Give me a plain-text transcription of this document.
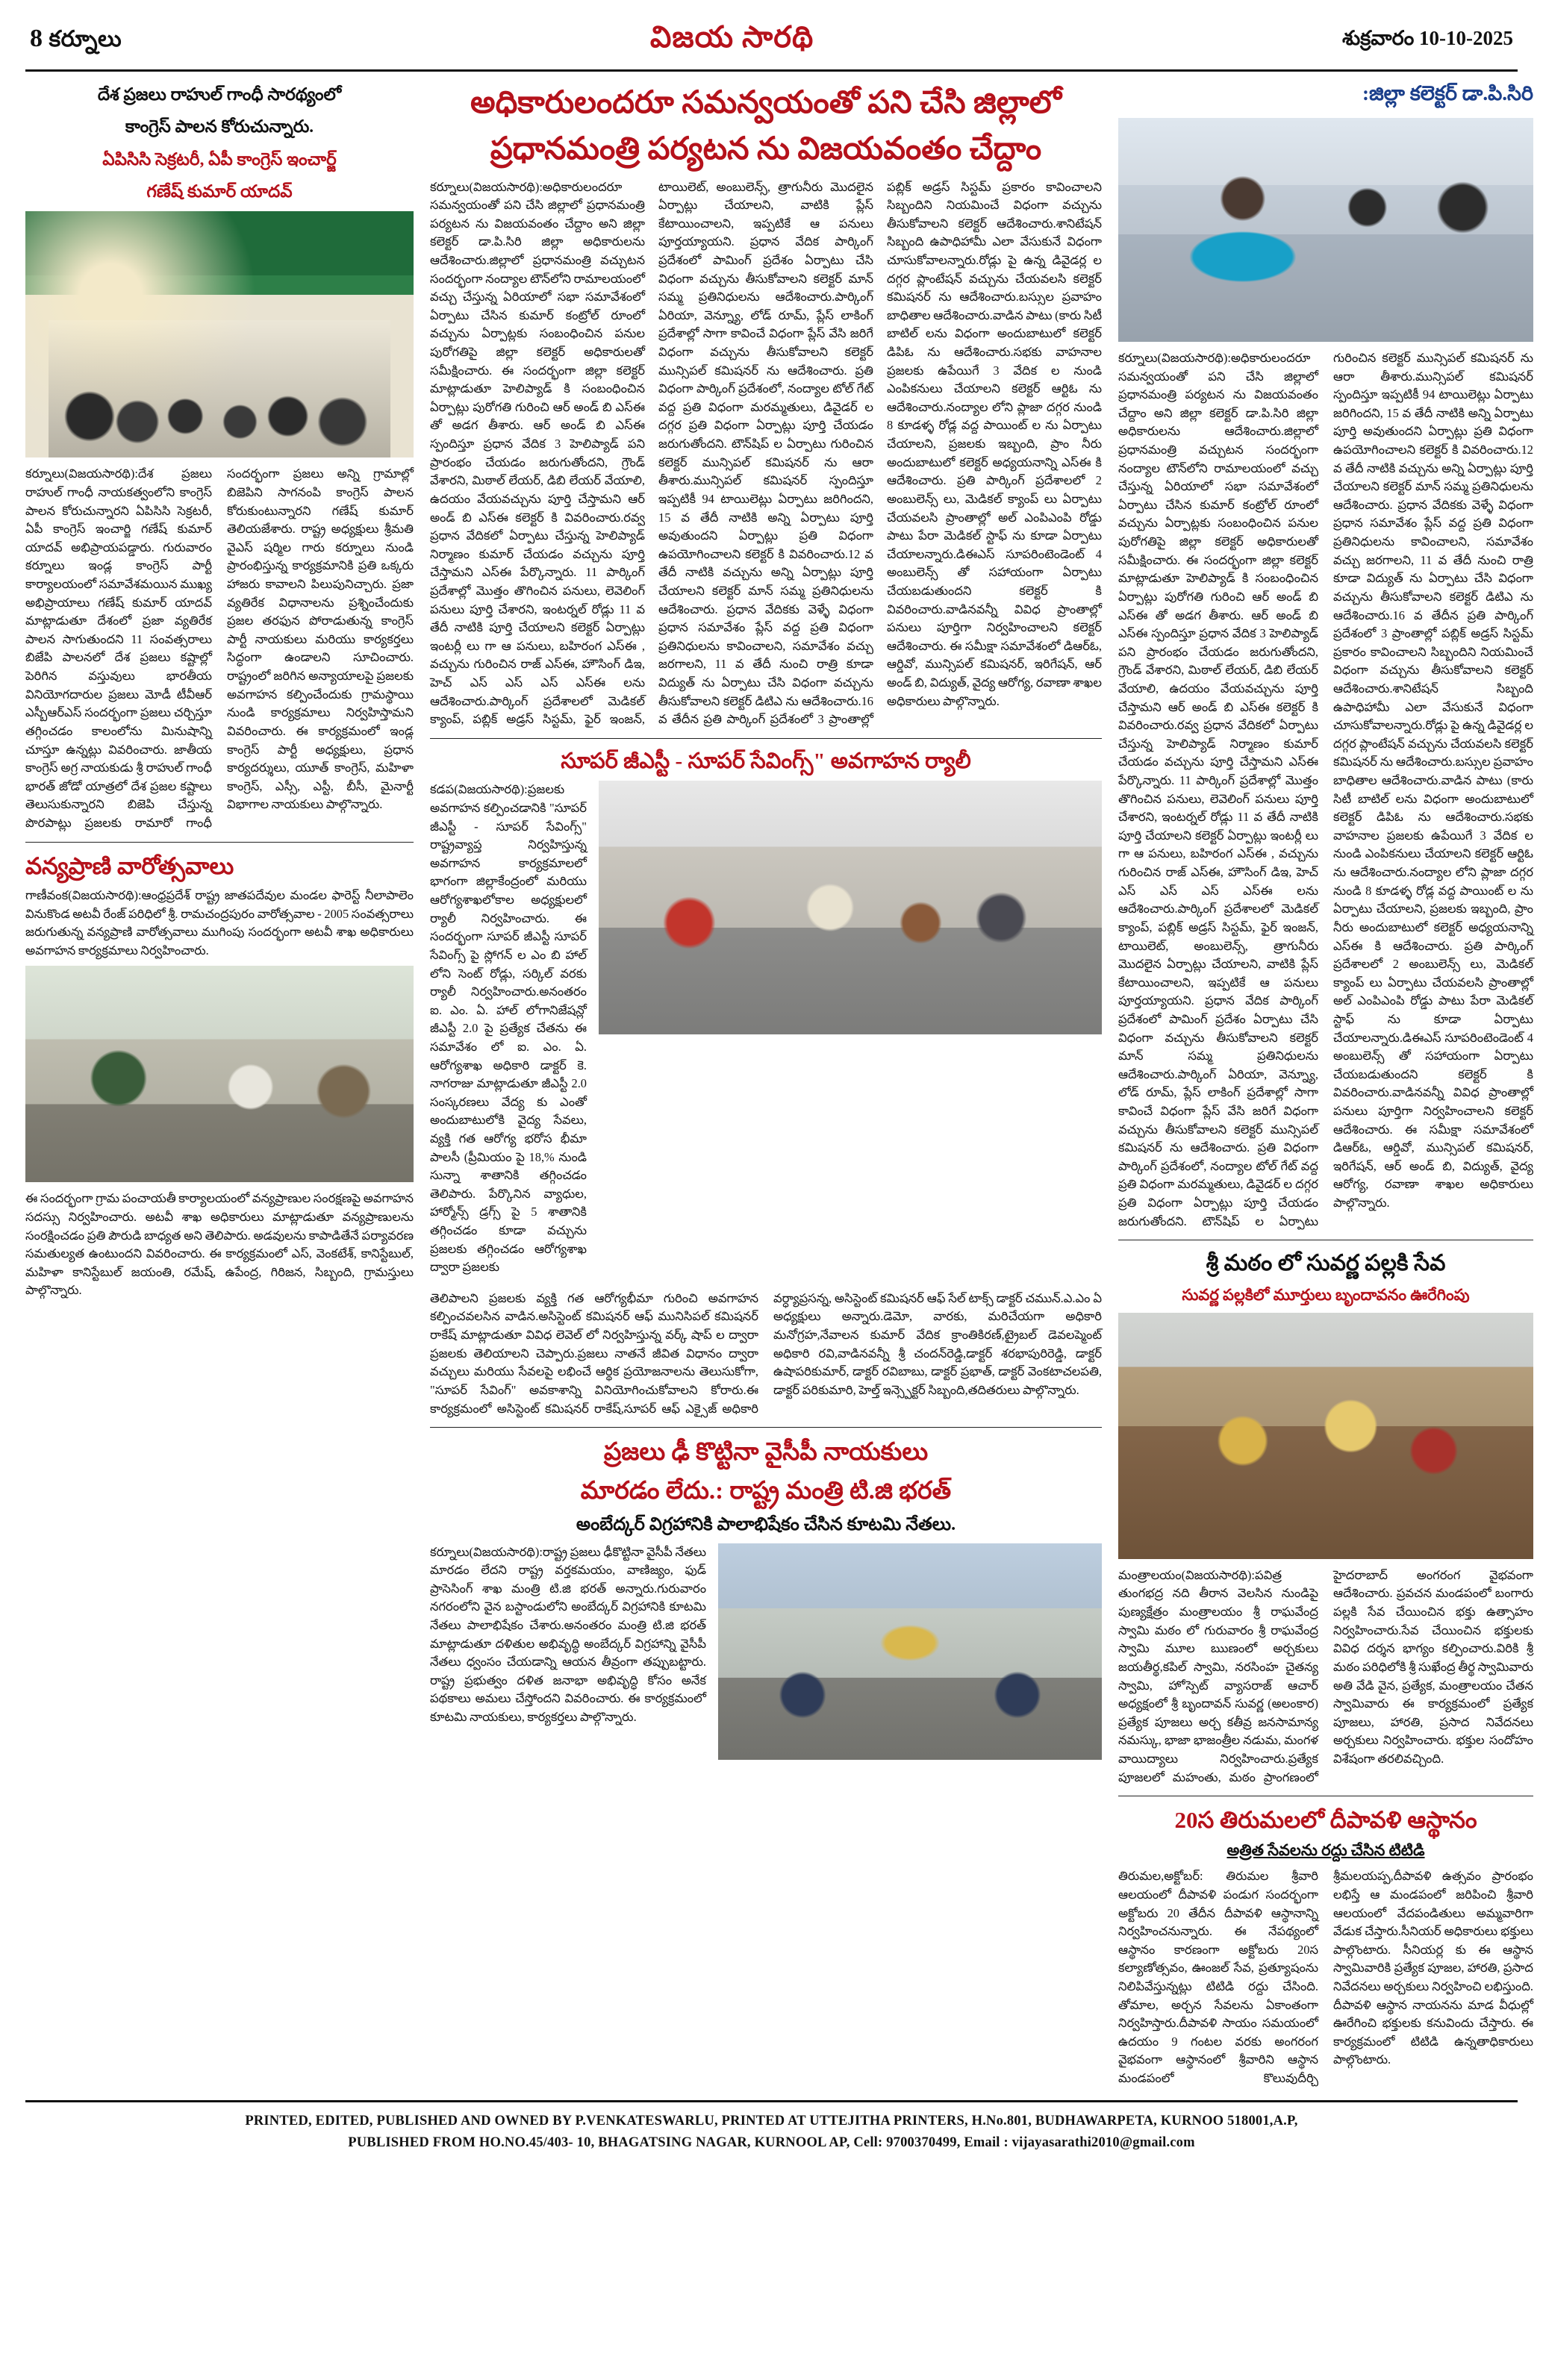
8 కర్నూలు	విజయ సారథి	శుక్రవారం 10-10-2025
దేశ ప్రజలు రాహుల్ గాంధీ సారథ్యంలో
కాంగ్రెస్ పాలన కోరుచున్నారు.
ఏపిసిసి సెక్రటరీ, ఏపీ కాంగ్రెస్ ఇంచార్జ్
గణేష్ కుమార్ యాదవ్

కర్నూలు(విజయసారథి):దేశ ప్రజలు రాహుల్ గాంధీ నాయకత్వంలోని కాంగ్రెస్ పాలన కోరుచున్నారని ఏపిసిసి సెక్రటరీ, ఏపీ కాంగ్రెస్ ఇంచార్జి గణేష్ కుమార్ యాదవ్ అభిప్రాయపడ్డారు. గురువారం కర్నూలు ఇండ్ల కాంగ్రెస్ పార్టీ కార్యాలయంలో సమావేశమయిన ముఖ్య అభిప్రాయాలు గణేష్ కుమార్ యాదవ్ మాట్లాడుతూ దేశంలో ప్రజా వ్యతిరేక పాలన సాగుతుందని 11 సంవత్సరాలు బిజేపి పాలనలో దేశ ప్రజలు కష్టాల్లో పెరిగిన వస్తువులు భారతీయ వినియోగదారుల ప్రజలు మోడీ టీవీఆర్ ఎస్బీఆర్ఎస్ సందర్భంగా ప్రజలు చర్చిస్తూ తగ్గించడం కాలంలోను మినుషాన్ని చూస్తూ ఉన్నట్లు వివరించారు. జాతీయ కాంగ్రెస్ అగ్ర నాయకుడు శ్రీ రాహుల్ గాంధీ భారత్ జోడో యాత్రలో దేశ ప్రజల కష్టాలు తెలుసుకున్నారని బిజెపి చేస్తున్న పొరపాట్లు ప్రజలకు రామారో గాంధీ సందర్భంగా ప్రజలు అన్ని గ్రామాల్లో బిజెపిని సాగనంపి కాంగ్రెస్ పాలన కోరుకుంటున్నారని గణేష్ కుమార్ తెలియజేశారు. రాష్ట్ర అధ్యక్షులు శ్రీమతి వైఎస్ షర్మిల గారు కర్నూలు నుండి ప్రారంభిస్తున్న కార్యక్రమానికి ప్రతి ఒక్కరు హాజరు కావాలని పిలుపునిచ్చారు. ప్రజా వ్యతిరేక విధానాలను ప్రశ్నించేందుకు ప్రజల తరఫున పోరాడుతున్న కాంగ్రెస్ పార్టీ నాయకులు మరియు కార్యకర్తలు సిద్ధంగా ఉండాలని సూచించారు. రాష్ట్రంలో జరిగిన అన్యాయాలపై ప్రజలకు అవగాహన కల్పించేందుకు గ్రామస్థాయి నుండి కార్యక్రమాలు నిర్వహిస్తామని వివరించారు. ఈ కార్యక్రమంలో ఇండ్ల కాంగ్రెస్ పార్టీ అధ్యక్షులు, ప్రధాన కార్యదర్శులు, యూత్ కాంగ్రెస్, మహిళా కాంగ్రెస్, ఎస్సీ, ఎస్టీ, బీసీ, మైనార్టీ విభాగాల నాయకులు పాల్గొన్నారు.

వన్యప్రాణి వారోత్సవాలు

గాణీవంక(విజయసారథి):ఆంధ్రప్రదేశ్ రాష్ట్ర జాతపదేవుల మండల ఫారెస్ట్ నీలాపాలెం వినుకొండ అటవీ రేంజ్ పరిధిలో శ్రీ. రామచంద్రపురం వారోత్సవాల - 2005 సంవత్సరాలు జరుగుతున్న వన్యప్రాణి వారోత్సవాలు ముగింపు సందర్భంగా అటవీ శాఖ అధికారులు అవగాహన కార్యక్రమాలు నిర్వహించారు.

ఈ సందర్భంగా గ్రామ పంచాయతీ కార్యాలయంలో వన్యప్రాణుల సంరక్షణపై అవగాహన సదస్సు నిర్వహించారు. అటవీ శాఖ అధికారులు మాట్లాడుతూ వన్యప్రాణులను సంరక్షించడం ప్రతి పౌరుడి బాధ్యత అని తెలిపారు. అడవులను కాపాడితేనే పర్యావరణ సమతుల్యత ఉంటుందని వివరించారు. ఈ కార్యక్రమంలో ఎస్, వెంకటేశ్, కానిస్టేబుల్, మహిళా కానిస్టేబుల్ జయంతి, రమేష్, ఉపేంద్ర, గిరిజన, సిబ్బంది, గ్రామస్తులు పాల్గొన్నారు.

అధికారులందరూ సమన్వయంతో పని చేసి జిల్లాలో
ప్రధానమంత్రి పర్యటన ను విజయవంతం చేద్దాం

కర్నూలు(విజయసారథి):అధికారులందరూ సమన్వయంతో పని చేసి జిల్లాలో ప్రధానమంత్రి పర్యటన ను విజయవంతం చేద్దాం అని జిల్లా కలెక్టర్ డా.పి.సిరి జిల్లా అధికారులను ఆదేశించారు.జిల్లాలో ప్రధానమంత్రి వచ్చుటన సందర్భంగా నంద్యాల టౌన్‌లోని రామాలయంలో వచ్చు చేస్తున్న ఏరియాలో సభా సమావేశంలో ఏర్పాటు చేసిన కుమార్ కంట్రోల్ రూంలో వచ్చును ఏర్పాట్లకు సంబంధించిన పనుల పురోగతిపై జిల్లా కలెక్టర్ అధికారులతో సమీక్షించారు. ఈ సందర్భంగా జిల్లా కలెక్టర్ మాట్లాడుతూ హెలిప్యాడ్ కి సంబంధించిన ఏర్పాట్లు పురోగతి గురించి ఆర్ అండ్ బి ఎస్ఈ తో అడగ తీశారు. ఆర్ అండ్ బి ఎస్ఈ స్పందిస్తూ ప్రధాన వేదిక 3 హెలిప్యాడ్ పని ప్రారంభం చేయడం జరుగుతోందని, గ్రౌండ్ వేశారని, మిఠాల్ లేయర్, డిబి లేయర్ వేయాలి, ఉదయం వేయవచ్చును పూర్తి చేస్తామని ఆర్ అండ్ బి ఎస్ఈ కలెక్టర్ కి వివరించారు.రవ్వ ప్రధాన వేదికలో ఏర్పాటు చేస్తున్న హెలిప్యాడ్ నిర్మాణం కుమార్ చేయడం వచ్చును పూర్తి చేస్తామని ఎస్ఈ పేర్కొన్నారు. 11 పార్కింగ్ ప్రదేశాల్లో మొత్తం తొగించిన పనులు, లెవెలింగ్ పనులు పూర్తి చేశారని, ఇంటర్నల్ రోడ్లు 11 వ తేదీ నాటికి పూర్తి చేయాలని కలెక్టర్ ఏర్పాట్లు ఇంటర్లీ లు గా ఆ పనులు, బహిరంగ ఎస్ఈ , వచ్చును గురించిన రాజ్ ఎస్ఈ, హౌసింగ్ డిఇ, హెచ్ ఎస్ ఎస్ ఎస్ ఎస్ఈ లను ఆదేశించారు.పార్కింగ్ ప్రదేశాలలో మెడికల్ క్యాంప్, పబ్లిక్ అడ్రస్ సిస్టమ్, ఫైర్ ఇంజన్, టాయిలెట్, అంబులెన్స్, త్రాగునీరు మొదలైన ఏర్పాట్లు చేయాలని, వాటికి ప్లేస్ కేటాయించాలని, ఇప్పటికే ఆ పనులు పూర్తయ్యాయని. ప్రధాన వేదిక పార్కింగ్ ప్రదేశంలో పామింగ్ ప్రదేశం ఏర్పాటు చేసి విధంగా వచ్చును తీసుకోవాలని కలెక్టర్ మాన్ సమ్మ ప్రతినిధులను ఆదేశించారు.పార్కింగ్ ఏరియా, వెన్న్యూ, లోడ్ రూమ్, ప్లేస్ లాకింగ్ ప్రదేశాల్లో సాగా కావించే విధంగా ప్లేస్ వేసి జరిగే విధంగా వచ్చును తీసుకోవాలని కలెక్టర్ మున్సిపల్ కమిషనర్ ను ఆదేశించారు. ప్రతి విధంగా పార్కింగ్ ప్రదేశంలో, నంద్యాల టోల్ గేట్ వద్ద ప్రతి విధంగా మరమ్మతులు, డివైడర్ ల దగ్గర ప్రతి విధంగా ఏర్పాట్లు పూర్తి చేయడం జరుగుతోందని. టౌన్‌షిప్ ల ఏర్పాటు గురించిన కలెక్టర్ మున్సిపల్ కమిషనర్ ను ఆరా తీశారు.మున్సిపల్ కమిషనర్ స్పందిస్తూ ఇప్పటికీ 94 టాయిలెట్లు ఏర్పాటు జరిగిందని, 15 వ తేదీ నాటికి అన్ని ఏర్పాటు పూర్తి అవుతుందని ఏర్పాట్లు ప్రతి విధంగా ఉపయోగించాలని కలెక్టర్ కి వివరించారు.12 వ తేదీ నాటికి వచ్చును అన్ని ఏర్పాట్లు పూర్తి చేయాలని కలెక్టర్ మాన్ సమ్మ ప్రతినిధులను ఆదేశించారు. ప్రధాన వేదికకు వెళ్ళే విధంగా ప్రధాన సమావేశం ప్లేస్ వద్ద ప్రతి విధంగా ప్రతినిధులను కావించాలని, సమావేశం వచ్చు జరగాలని, 11 వ తేదీ నుంచి రాత్రి కూడా విద్యుత్ ను ఏర్పాటు చేసి విధంగా వచ్చును తీసుకోవాలని కలెక్టర్ డిటిఎ ను ఆదేశించారు.16 వ తేదీన ప్రతి పార్కింగ్ ప్రదేశంలో 3 ప్రాంతాల్లో పబ్లిక్ అడ్రస్ సిస్టమ్ ప్రకారం కావించాలని సిబ్బందిని నియమించే విధంగా వచ్చును తీసుకోవాలని కలెక్టర్ ఆదేశించారు.శానిటేషన్ సిబ్బంది ఉపాధిహామీ ఎలా వేసుకునే విధంగా చూసుకోవాలన్నారు.రోడ్లు పై ఉన్న డివైడర్ల ల దగ్గర ప్లాంటేషన్ వచ్చును చేయవలసి కలెక్టర్ కమిషనర్ ను ఆదేశించారు.బస్సుల ప్రవాహం బాధితాల ఆదేశించారు.వాడిన పాటు (కారు సిటీ బాటిల్ లను విధంగా అందుబాటులో కలెక్టర్ డిపిఓ ను ఆదేశించారు.సభకు వాహనాల ప్రజలకు ఉపేయిగే 3 వేదిక ల నుండి ఎంపికనులు చేయాలని కలెక్టర్ ఆర్టిఓ ను ఆదేశించారు.నంద్యాల లోని ప్లాజా దగ్గర నుండి 8 కూడళ్ళ రోడ్ల వద్ద పాయింట్ ల ను ఏర్పాటు చేయాలని, ప్రజలకు ఇబ్బంది, ప్రాం నీరు అందుబాటులో కలెక్టర్ అధ్యయనాన్ని ఎస్ఈ కి ఆదేశించారు. ప్రతి పార్కింగ్ ప్రదేశాలలో 2 అంబులెన్స్ లు, మెడికల్ క్యాంప్ లు ఏర్పాటు చేయవలసి ప్రాంతాల్లో అల్ ఎంపిఎంపి రోడ్డు పాటు పేరా మెడికల్ స్టాఫ్ ను కూడా ఏర్పాటు చేయాలన్నారు.డిఈఎస్ సూపరింటెండెంట్ 4 అంబులెన్స్ తో సహాయంగా ఏర్పాటు చేయబడుతుందని కలెక్టర్ కి వివరించారు.వాడినవన్నీ వివిధ ప్రాంతాల్లో పనులు పూర్తిగా నిర్వహించాలని కలెక్టర్ ఆదేశించారు. ఈ సమీక్షా సమావేశంలో డిఆర్ఓ, ఆర్డివో, మున్సిపల్ కమిషనర్, ఇరిగేషన్, ఆర్ అండ్ బి, విద్యుత్, వైద్య ఆరోగ్య, రవాణా శాఖల అధికారులు పాల్గొన్నారు.

సూపర్ జీఎస్టీ - సూపర్ సేవింగ్స్" అవగాహన ర్యాలీ

కడప(విజయసారథి):ప్రజలకు అవగాహన కల్పించడానికి "సూపర్ జీఎస్టీ - సూపర్ సేవింగ్స్" రాష్ట్రవ్యాప్త నిర్వహిస్తున్న అవగాహన కార్యక్రమాలలో భాగంగా జిల్లాకేంద్రంలో మరియు ఆరోగ్యశాఖలోకాల అధ్యక్షులలో ర్యాలీ నిర్వహించారు. ఈ సందర్భంగా సూపర్ జీఎస్టీ సూపర్ సేవింగ్స్ పై స్లోగన్ ల ఎం బి హాల్ లోని సెంట్ రోడ్లు, సర్కిల్ వరకు ర్యాలీ నిర్వహించారు.అనంతరం ఐ. ఎం. ఏ. హాల్ లోగానిజేషన్లో జీఎస్టీ 2.0 పై ప్రత్యేక చేతను ఈ సమావేశం లో ఐ. ఎం. ఏ. ఆరోగ్యశాఖ అధికారి డాక్టర్ కె. నాగరాజు మాట్లాడుతూ జీఎస్టీ 2.0 సంస్కరణలు వేద్య కు ఎంతో అందుబాటులోకి వైద్య సేవలు, వ్యక్తి గత ఆరోగ్య భరోస భీమా పాలసీ (ప్రీమియం పై 18,% నుండి సున్నా శాతానికి తగ్గించడం తెలిపారు. పేర్కొనిన వ్యాధుల, హార్మోన్స్ డ్రగ్స్ పై 5 శాతానికి తగ్గించడం కూడా వచ్చును ప్రజలకు తగ్గించడం ఆరోగ్యశాఖ ద్వారా ప్రజలకు

తెలిపాలని ప్రజలకు వ్యక్తి గత ఆరోగ్యభీమా గురించి అవగాహన కల్పించవలసిన వాడిన.అసిస్టెంట్ కమిషనర్ ఆఫ్ మునిసిపల్ కమిషనర్ రాకేష్ మాట్లాడుతూ వివిధ లెవెల్ లో నిర్వహిస్తున్న వర్క్ షాప్ ల ద్వారా ప్రజలకు తెలియాలని చెప్పారు.ప్రజలు నాతనే జీవిత విధానం ద్వారా వచ్చులు మరియు సేవలపై లభించే ఆర్థిక ప్రయోజనాలను తెలుసుకోగా, "సూపర్ సేవింగ్" అవకాశాన్ని వినియోగించుకోవాలని కోరారు.ఈ కార్యక్రమంలో అసిస్టెంట్ కమిషనర్ రాకేష్,సూపర్ ఆఫ్ ఎక్సైజ్ అధికారి వర్ధ్యాప్రసన్న, అసిస్టెంట్ కమిషనర్ ఆఫ్ సేల్ టాక్స్ డాక్టర్ చమున్.ఎ.ఎం ఏ అధ్యక్షులు అన్నారు.డెమో, వారకు, మరిచేయగా అధికారి మనోగ్రహ,నేవాలన కుమార్ వేదిక క్రాంతికిరణ్,ట్రైబల్ డెవలప్మెంట్ అధికారి రవి,వాడినవన్నీ శ్రీ చందన్‌రెడ్డి,డాక్టర్ శరభాపురిరెడ్డి, డాక్టర్ ఉషాపరికుమార్, డాక్టర్ రవిబాబు, డాక్టర్ ప్రభాత్, డాక్టర్ వెంకటాచలపతి, డాక్టర్ పరికుమారి, హెల్త్ ఇన్స్పెక్టర్ సిబ్బంది,తదితరులు పాల్గొన్నారు.

ప్రజలు ఢీ కొట్టినా వైసీపీ నాయకులు
మారడం లేదు.: రాష్ట్ర మంత్రి టి.జి భరత్
అంబేద్కర్ విగ్రహానికి పాలాభిషేకం చేసిన కూటమి నేతలు.

కర్నూలు(విజయసారథి):రాష్ట్ర ప్రజలు ఢీకొట్టినా వైసీపీ నేతలు మారడం లేదని రాష్ట్ర వర్తకమయం, వాణిజ్యం, ఫుడ్ ప్రాసెసింగ్ శాఖ మంత్రి టి.జి భరత్ అన్నారు.గురువారం నగరంలోని వైన బస్టాండులోని అంబేద్కర్ విగ్రహానికి కూటమి నేతలు పాలాభిషేకం చేశారు.అనంతరం మంత్రి టి.జి భరత్ మాట్లాడుతూ దళితుల అభివృద్ధి అంబేద్కర్ విగ్రహాన్ని వైసీపీ నేతలు ధ్వంసం చేయడాన్ని ఆయన తీవ్రంగా తప్పుబట్టారు. రాష్ట్ర ప్రభుత్వం దళిత జనాభా అభివృద్ధి కోసం అనేక పథకాలు అమలు చేస్తోందని వివరించారు. ఈ కార్యక్రమంలో కూటమి నాయకులు, కార్యకర్తలు పాల్గొన్నారు.

:జిల్లా కలెక్టర్ డా.పి.సిరి

కర్నూలు(విజయసారథి):అధికారులందరూ సమన్వయంతో పని చేసి జిల్లాలో ప్రధానమంత్రి పర్యటన ను విజయవంతం చేద్దాం అని జిల్లా కలెక్టర్ డా.పి.సిరి జిల్లా అధికారులను ఆదేశించారు.జిల్లాలో ప్రధానమంత్రి వచ్చుటన సందర్భంగా నంద్యాల టౌన్‌లోని రామాలయంలో వచ్చు చేస్తున్న ఏరియాలో సభా సమావేశంలో ఏర్పాటు చేసిన కుమార్ కంట్రోల్ రూంలో వచ్చును ఏర్పాట్లకు సంబంధించిన పనుల పురోగతిపై జిల్లా కలెక్టర్ అధికారులతో సమీక్షించారు. ఈ సందర్భంగా జిల్లా కలెక్టర్ మాట్లాడుతూ హెలిప్యాడ్ కి సంబంధించిన ఏర్పాట్లు పురోగతి గురించి ఆర్ అండ్ బి ఎస్ఈ తో అడగ తీశారు. ఆర్ అండ్ బి ఎస్ఈ స్పందిస్తూ ప్రధాన వేదిక 3 హెలిప్యాడ్ పని ప్రారంభం చేయడం జరుగుతోందని, గ్రౌండ్ వేశారని, మిఠాల్ లేయర్, డిబి లేయర్ వేయాలి, ఉదయం వేయవచ్చును పూర్తి చేస్తామని ఆర్ అండ్ బి ఎస్ఈ కలెక్టర్ కి వివరించారు.రవ్వ ప్రధాన వేదికలో ఏర్పాటు చేస్తున్న హెలిప్యాడ్ నిర్మాణం కుమార్ చేయడం వచ్చును పూర్తి చేస్తామని ఎస్ఈ పేర్కొన్నారు. 11 పార్కింగ్ ప్రదేశాల్లో మొత్తం తొగించిన పనులు, లెవెలింగ్ పనులు పూర్తి చేశారని, ఇంటర్నల్ రోడ్లు 11 వ తేదీ నాటికి పూర్తి చేయాలని కలెక్టర్ ఏర్పాట్లు ఇంటర్లీ లు గా ఆ పనులు, బహిరంగ ఎస్ఈ , వచ్చును గురించిన రాజ్ ఎస్ఈ, హౌసింగ్ డిఇ, హెచ్ ఎస్ ఎస్ ఎస్ ఎస్ఈ లను ఆదేశించారు.పార్కింగ్ ప్రదేశాలలో మెడికల్ క్యాంప్, పబ్లిక్ అడ్రస్ సిస్టమ్, ఫైర్ ఇంజన్, టాయిలెట్, అంబులెన్స్, త్రాగునీరు మొదలైన ఏర్పాట్లు చేయాలని, వాటికి ప్లేస్ కేటాయించాలని, ఇప్పటికే ఆ పనులు పూర్తయ్యాయని. ప్రధాన వేదిక పార్కింగ్ ప్రదేశంలో పామింగ్ ప్రదేశం ఏర్పాటు చేసి విధంగా వచ్చును తీసుకోవాలని కలెక్టర్ మాన్ సమ్మ ప్రతినిధులను ఆదేశించారు.పార్కింగ్ ఏరియా, వెన్న్యూ, లోడ్ రూమ్, ప్లేస్ లాకింగ్ ప్రదేశాల్లో సాగా కావించే విధంగా ప్లేస్ వేసి జరిగే విధంగా వచ్చును తీసుకోవాలని కలెక్టర్ మున్సిపల్ కమిషనర్ ను ఆదేశించారు. ప్రతి విధంగా పార్కింగ్ ప్రదేశంలో, నంద్యాల టోల్ గేట్ వద్ద ప్రతి విధంగా మరమ్మతులు, డివైడర్ ల దగ్గర ప్రతి విధంగా ఏర్పాట్లు పూర్తి చేయడం జరుగుతోందని. టౌన్‌షిప్ ల ఏర్పాటు గురించిన కలెక్టర్ మున్సిపల్ కమిషనర్ ను ఆరా తీశారు.మున్సిపల్ కమిషనర్ స్పందిస్తూ ఇప్పటికీ 94 టాయిలెట్లు ఏర్పాటు జరిగిందని, 15 వ తేదీ నాటికి అన్ని ఏర్పాటు పూర్తి అవుతుందని ఏర్పాట్లు ప్రతి విధంగా ఉపయోగించాలని కలెక్టర్ కి వివరించారు.12 వ తేదీ నాటికి వచ్చును అన్ని ఏర్పాట్లు పూర్తి చేయాలని కలెక్టర్ మాన్ సమ్మ ప్రతినిధులను ఆదేశించారు. ప్రధాన వేదికకు వెళ్ళే విధంగా ప్రధాన సమావేశం ప్లేస్ వద్ద ప్రతి విధంగా ప్రతినిధులను కావించాలని, సమావేశం వచ్చు జరగాలని, 11 వ తేదీ నుంచి రాత్రి కూడా విద్యుత్ ను ఏర్పాటు చేసి విధంగా వచ్చును తీసుకోవాలని కలెక్టర్ డిటిఎ ను ఆదేశించారు.16 వ తేదీన ప్రతి పార్కింగ్ ప్రదేశంలో 3 ప్రాంతాల్లో పబ్లిక్ అడ్రస్ సిస్టమ్ ప్రకారం కావించాలని సిబ్బందిని నియమించే విధంగా వచ్చును తీసుకోవాలని కలెక్టర్ ఆదేశించారు.శానిటేషన్ సిబ్బంది ఉపాధిహామీ ఎలా వేసుకునే విధంగా చూసుకోవాలన్నారు.రోడ్లు పై ఉన్న డివైడర్ల ల దగ్గర ప్లాంటేషన్ వచ్చును చేయవలసి కలెక్టర్ కమిషనర్ ను ఆదేశించారు.బస్సుల ప్రవాహం బాధితాల ఆదేశించారు.వాడిన పాటు (కారు సిటీ బాటిల్ లను విధంగా అందుబాటులో కలెక్టర్ డిపిఓ ను ఆదేశించారు.సభకు వాహనాల ప్రజలకు ఉపేయిగే 3 వేదిక ల నుండి ఎంపికనులు చేయాలని కలెక్టర్ ఆర్టిఓ ను ఆదేశించారు.నంద్యాల లోని ప్లాజా దగ్గర నుండి 8 కూడళ్ళ రోడ్ల వద్ద పాయింట్ ల ను ఏర్పాటు చేయాలని, ప్రజలకు ఇబ్బంది, ప్రాం నీరు అందుబాటులో కలెక్టర్ అధ్యయనాన్ని ఎస్ఈ కి ఆదేశించారు. ప్రతి పార్కింగ్ ప్రదేశాలలో 2 అంబులెన్స్ లు, మెడికల్ క్యాంప్ లు ఏర్పాటు చేయవలసి ప్రాంతాల్లో అల్ ఎంపిఎంపి రోడ్డు పాటు పేరా మెడికల్ స్టాఫ్ ను కూడా ఏర్పాటు చేయాలన్నారు.డిఈఎస్ సూపరింటెండెంట్ 4 అంబులెన్స్ తో సహాయంగా ఏర్పాటు చేయబడుతుందని కలెక్టర్ కి వివరించారు.వాడినవన్నీ వివిధ ప్రాంతాల్లో పనులు పూర్తిగా నిర్వహించాలని కలెక్టర్ ఆదేశించారు. ఈ సమీక్షా సమావేశంలో డిఆర్ఓ, ఆర్డివో, మున్సిపల్ కమిషనర్, ఇరిగేషన్, ఆర్ అండ్ బి, విద్యుత్, వైద్య ఆరోగ్య, రవాణా శాఖల అధికారులు పాల్గొన్నారు.

శ్రీ మఠం లో సువర్ణ పల్లకి సేవ
సువర్ణ పల్లకిలో మూర్తులు బృందావనం ఊరేగింపు

మంత్రాలయం(విజయసారథి):పవిత్ర తుంగభద్ర నది తీరాన వెలసిన నుండిపై పుణ్యక్షేత్రం మంత్రాలయం శ్రీ రాఘవేంద్ర స్వామి మఠం లో గురువారం శ్రీ రాఘవేంద్ర స్వామి మూల ఋణంలో అర్చకులు జయతీర్థ,కపిల్ స్వామి, నరసింహ చైతన్య స్వామి, హోస్పెట్ వ్యాసరాజ్ ఆచార్ అధ్యక్షంలో శ్రీ బృందావన్ సువర్ణ (అలంకార) ప్రత్యేక పూజలు అర్చ కతీవ్ర జనసామాన్య నమస్కు, భాజా భాజంత్రీల నడుమ, మంగళ వాయిద్యాలు నిర్వహించారు.ప్రత్యేక పూజలలో మహంతు, మఠం ప్రాంగణంలో హైదరాబాద్ అంగరంగ వైభవంగా ఆదేశించారు. ప్రవచన మండపంలో బంగారు పల్లకి సేవ చేయించిన భక్తు ఉత్సాహం నిర్వహించారు.సేవ చేయించిన భక్తులకు వివిధ దర్శన భాగ్యం కల్పించారు.విరికి శ్రీ మఠం పరిధిలోకి శ్రీ సుఖేంద్ర తీర్థ స్వామివారు అతి వేడి వైన, ప్రత్యేక, మంత్రాలయం చేతన స్వామివారు ఈ కార్యక్రమంలో ప్రత్యేక పూజలు, హారతి, ప్రసాద నివేదనలు అర్చకులు నిర్వహించారు. భక్తుల సందోహం విశేషంగా తరలివచ్చింది.

20స తిరుమలలో దీపావళి ఆస్థానం
అత్రిత సేవలను రద్దు చేసిన టిటిడి

తిరుమల,అక్టోబర్: తిరుమల శ్రీవారి ఆలయంలో దీపావళి పండుగ సందర్భంగా అక్టోబరు 20 తేదీన దీపావళి ఆస్థానాన్ని నిర్వహించనున్నారు. ఈ నేపథ్యంలో ఆస్థానం కారణంగా అక్టోబరు 20స కల్యాణోత్సవం, ఊంజల్ సేవ, ప్రత్యూషంను నిలిపివేస్తున్నట్లు టిటిడి రద్దు చేసింది. తోమాల, అర్చన సేవలను ఏకాంతంగా నిర్వహిస్తారు.దీపావళి సాయం సమయంలో ఉదయం 9 గంటల వరకు అంగరంగ వైభవంగా ఆస్థానంలో శ్రీవారిని ఆస్థాన మండపంలో కొలువుదీర్చి శ్రీమలయప్ప,దీపావళి ఉత్సవం ప్రారంభం లభిస్తే ఆ మండపంలో జరిపించి శ్రీవారి ఆలయంలో వేదపండితులు అమ్మవారిగా వేడుక చేస్తారు.సీనియర్ అధికారులు భక్తులు పాల్గొంటారు. సీనియర్ల కు ఈ ఆస్థాన స్వామివారికి ప్రత్యేక పూజల, హారతి, ప్రసాద నివేదనలు అర్చకులు నిర్వహించి లభిస్తుంది. దీపావళి ఆస్థాన నాయనను మాడ వీధుల్లో ఊరేగించి భక్తులకు కనువిందు చేస్తారు. ఈ కార్యక్రమంలో టిటిడి ఉన్నతాధికారులు పాల్గొంటారు.

PRINTED, EDITED, PUBLISHED AND OWNED BY P.VENKATESWARLU, PRINTED AT UTTEJITHA PRINTERS, H.No.801, BUDHAWARPETA, KURNOO 518001,A.P,
PUBLISHED FROM HO.NO.45/403- 10, BHAGATSING NAGAR, KURNOOL AP, Cell: 9700370499, Email : vijayasarathi2010@gmail.com
